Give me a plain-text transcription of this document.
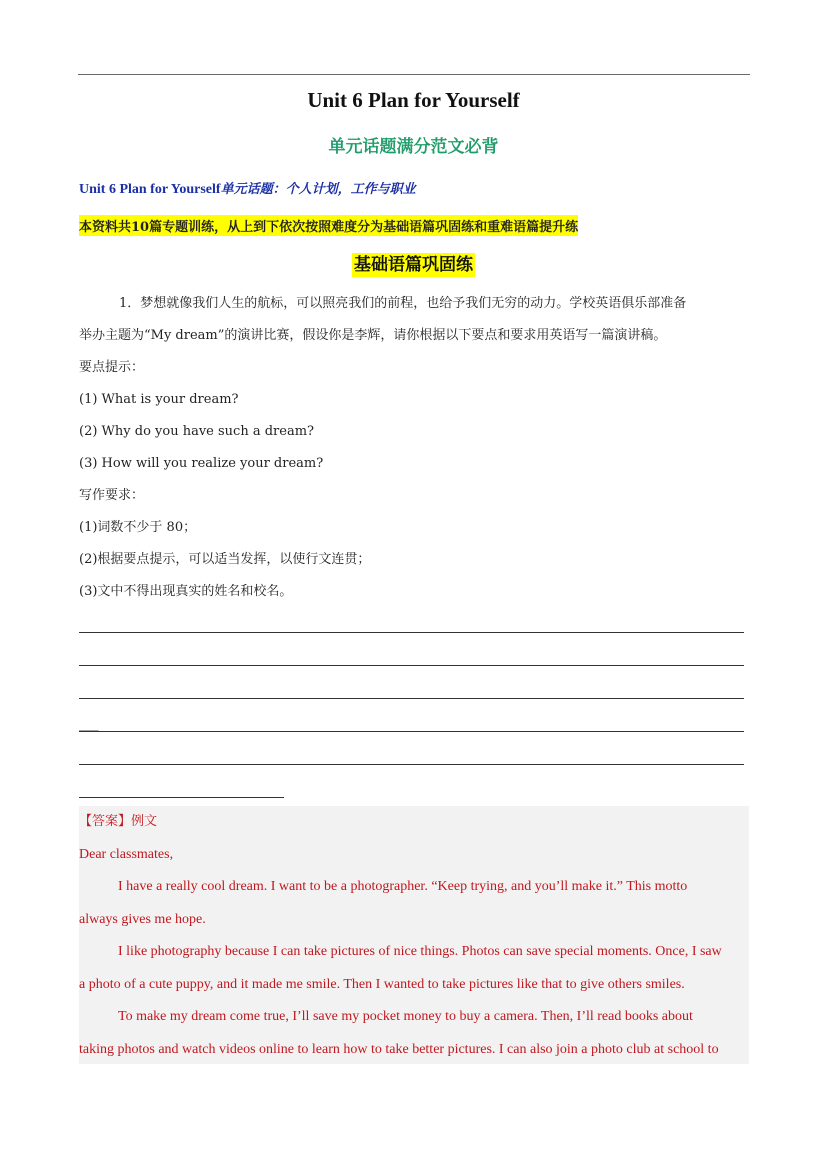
Unit 6 Plan for Yourself
单元话题满分范文必背
Unit 6 Plan for Yourself单元话题：个人计划，工作与职业
本资料共10篇专题训练，从上到下依次按照难度分为基础语篇巩固练和重难语篇提升练
基础语篇巩固练

1．梦想就像我们人生的航标，可以照亮我们的前程，也给予我们无穷的动力。学校英语俱乐部准备

举办主题为“My dream”的演讲比赛，假设你是李辉，请你根据以下要点和要求用英语写一篇演讲稿。

要点提示：

(1) What is your dream?

(2) Why do you have such a dream?

(3) How will you realize your dream?

写作要求：

(1)词数不少于 80；

(2)根据要点提示，可以适当发挥，以使行文连贯；

(3)文中不得出现真实的姓名和校名。

___

【答案】例文

Dear classmates,

I have a really cool dream. I want to be a photographer. “Keep trying, and you’ll make it.” This motto

always gives me hope.

I like photography because I can take pictures of nice things. Photos can save special moments. Once, I saw

a photo of a cute puppy, and it made me smile. Then I wanted to take pictures like that to give others smiles.

To make my dream come true, I’ll save my pocket money to buy a camera. Then, I’ll read books about

taking photos and watch videos online to learn how to take better pictures. I can also join a photo club at school to
